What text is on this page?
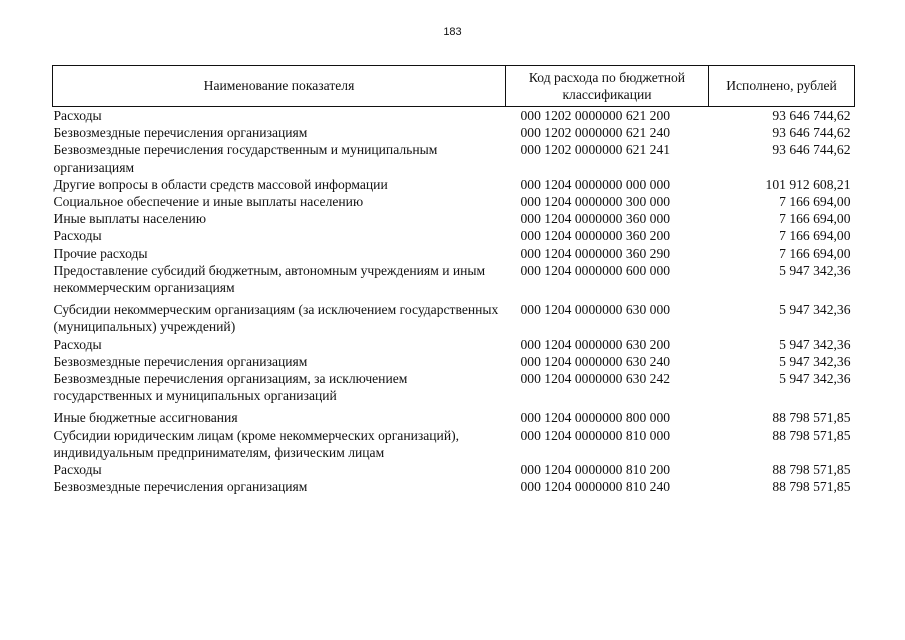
183
Наименование показателя	Код расхода по бюджетной классификации	Исполнено, рублей
Расходы	000 1202 0000000 621 200	93 646 744,62
Безвозмездные перечисления организациям	000 1202 0000000 621 240	93 646 744,62
Безвозмездные перечисления государственным и муниципальным организациям	000 1202 0000000 621 241	93 646 744,62
Другие вопросы в области средств массовой информации	000 1204 0000000 000 000	101 912 608,21
Социальное обеспечение и иные выплаты населению	000 1204 0000000 300 000	7 166 694,00
Иные выплаты населению	000 1204 0000000 360 000	7 166 694,00
Расходы	000 1204 0000000 360 200	7 166 694,00
Прочие расходы	000 1204 0000000 360 290	7 166 694,00
Предоставление субсидий бюджетным, автономным учреждениям и иным некоммерческим организациям	000 1204 0000000 600 000	5 947 342,36
Субсидии некоммерческим организациям (за исключением государственных (муниципальных) учреждений)	000 1204 0000000 630 000	5 947 342,36
Расходы	000 1204 0000000 630 200	5 947 342,36
Безвозмездные перечисления организациям	000 1204 0000000 630 240	5 947 342,36
Безвозмездные перечисления организациям, за исключением государственных и муниципальных организаций	000 1204 0000000 630 242	5 947 342,36
Иные бюджетные ассигнования	000 1204 0000000 800 000	88 798 571,85
Субсидии юридическим лицам (кроме некоммерческих организаций), индивидуальным предпринимателям, физическим лицам	000 1204 0000000 810 000	88 798 571,85
Расходы	000 1204 0000000 810 200	88 798 571,85
Безвозмездные перечисления организациям	000 1204 0000000 810 240	88 798 571,85
